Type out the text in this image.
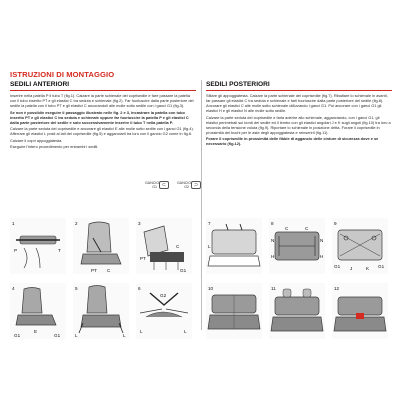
ISTRUZIONI DI MONTAGGIO
SEDILI ANTERIORI

Inserire nella patella P il tubo T (fig.1). Calzare la parte schienale del coprisedile e fare passare la patella con il tubo inserito PT e gli elastici C tra seduta e schienale (fig.2). Far fuoriuscire dalla parte posteriore del sedile la patella con il tubo PT e gli elastici C ancorandoli alle molle sotto sedile con i ganci G1 (fig.3).

Se non è possibile eseguire il passaggio illustrato nelle fig. 2 e 3, incastrare la patella con tubo inserito PT e gli elastici C tra seduta e schienale oppure far fuoriuscire la patella P e gli elastici C dalla parte posteriore del sedile e solo successivamente inserire il tubo T nella patella P.

Calzare la parte seduta del coprisedile e ancorare gli elastici E alle molle sotto sedile con i ganci G1 (fig.4). Afferrare gli elastici L posti ai lati del coprisedile (fig.5) e agganciarli tra loro con il gancio G2 come in fig.6.

Calzare il copri appoggiatesta.

Eseguire l'intero procedimento per entrambi i sedili.

GANCIO G1 ⊂	GANCIO G2 ⊃
SEDILI POSTERIORI

Sfilare gli appoggiatesta. Calzare la parte schienale del coprisedile (fig.7). Ribaltare lo schienale in avanti, far passare gli elastici C tra seduta e schienale e farli fuoriuscire dalla parte posteriore del sedile (fig.8). Ancorare gli elastici C alle molle sotto schienale utilizzando i ganci G1. Poi ancorare con i ganci G1 gli elastici H e gli elastici N alle molle sotto sedile.

Calzare la parte seduta del coprisedile e farla aderire allo schienale, agganciando, con i ganci G1, gli elastici perimetrali sui bordi del sedile ed il lembo con gli elastici angolari J e K sugli angoli (fig.10) tra loro a seconda della tensione voluta (fig.9). Riportare lo schienale in posizione dritta. Forare il coprisedile in prossimità dei buchi per le aste degli appoggiatesta e reinserirli (fig.11).

Forare il coprisedile in prossimità delle fibbie di aggancio delle cinture di sicurezza dove e se necessario (fig.12).

1
P	T
2
PT C
3
PT
C
G1
4
E
G1	G1
5
L	L
6
G2
L	L
7
L
8
C	C
N	N
H	H
9
G1	G1
J	K
10	11	12
